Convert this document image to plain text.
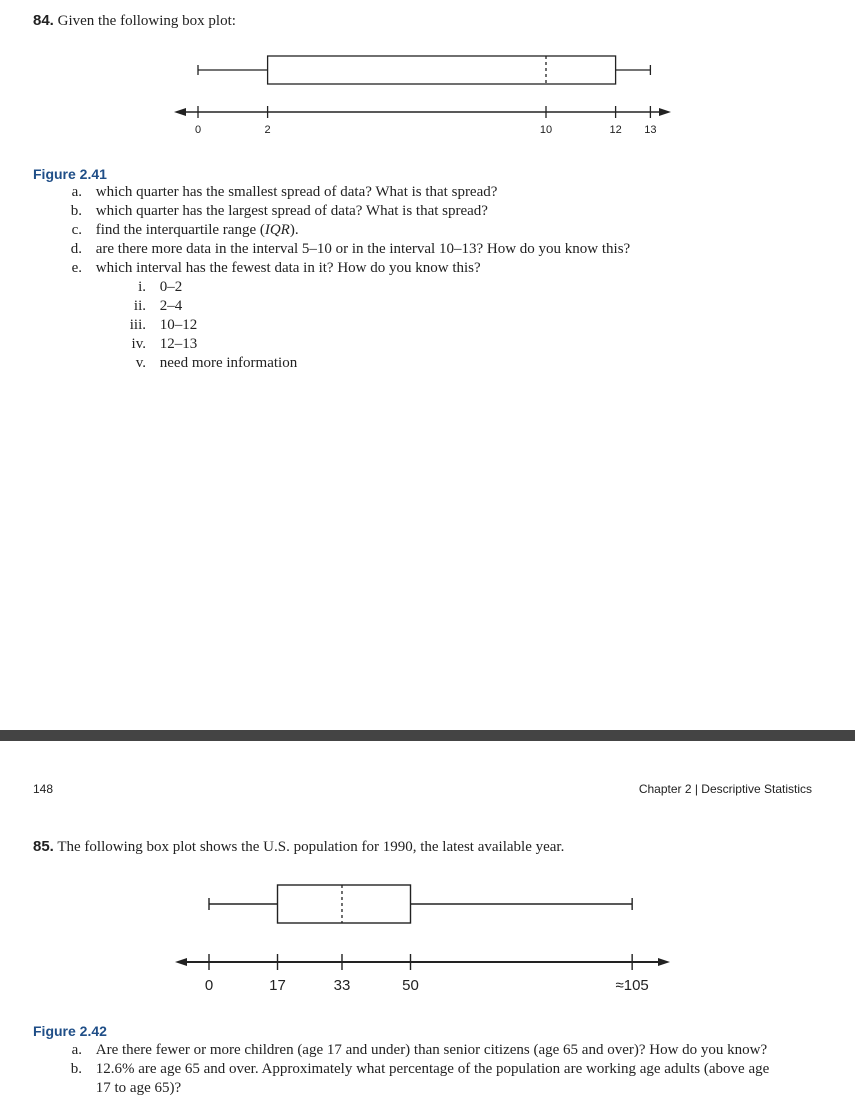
84. Given the following box plot:
0	2	10	12 13
Figure 2.41
a. which quarter has the smallest spread of data? What is that spread?
b. which quarter has the largest spread of data? What is that spread?
c. find the interquartile range (IQR).
d. are there more data in the interval 5–10 or in the interval 10–13? How do you know this?
e. which interval has the fewest data in it? How do you know this?
i. 0–2
ii. 2–4
iii. 10–12
iv. 12–13
v. need more information
148	Chapter 2 | Descriptive Statistics
85. The following box plot shows the U.S. population for 1990, the latest available year.
0	17	33	50	≈105
Figure 2.42
a. Are there fewer or more children (age 17 and under) than senior citizens (age 65 and over)? How do you know?
b. 12.6% are age 65 and over. Approximately what percentage of the population are working age adults (above age
17 to age 65)?
